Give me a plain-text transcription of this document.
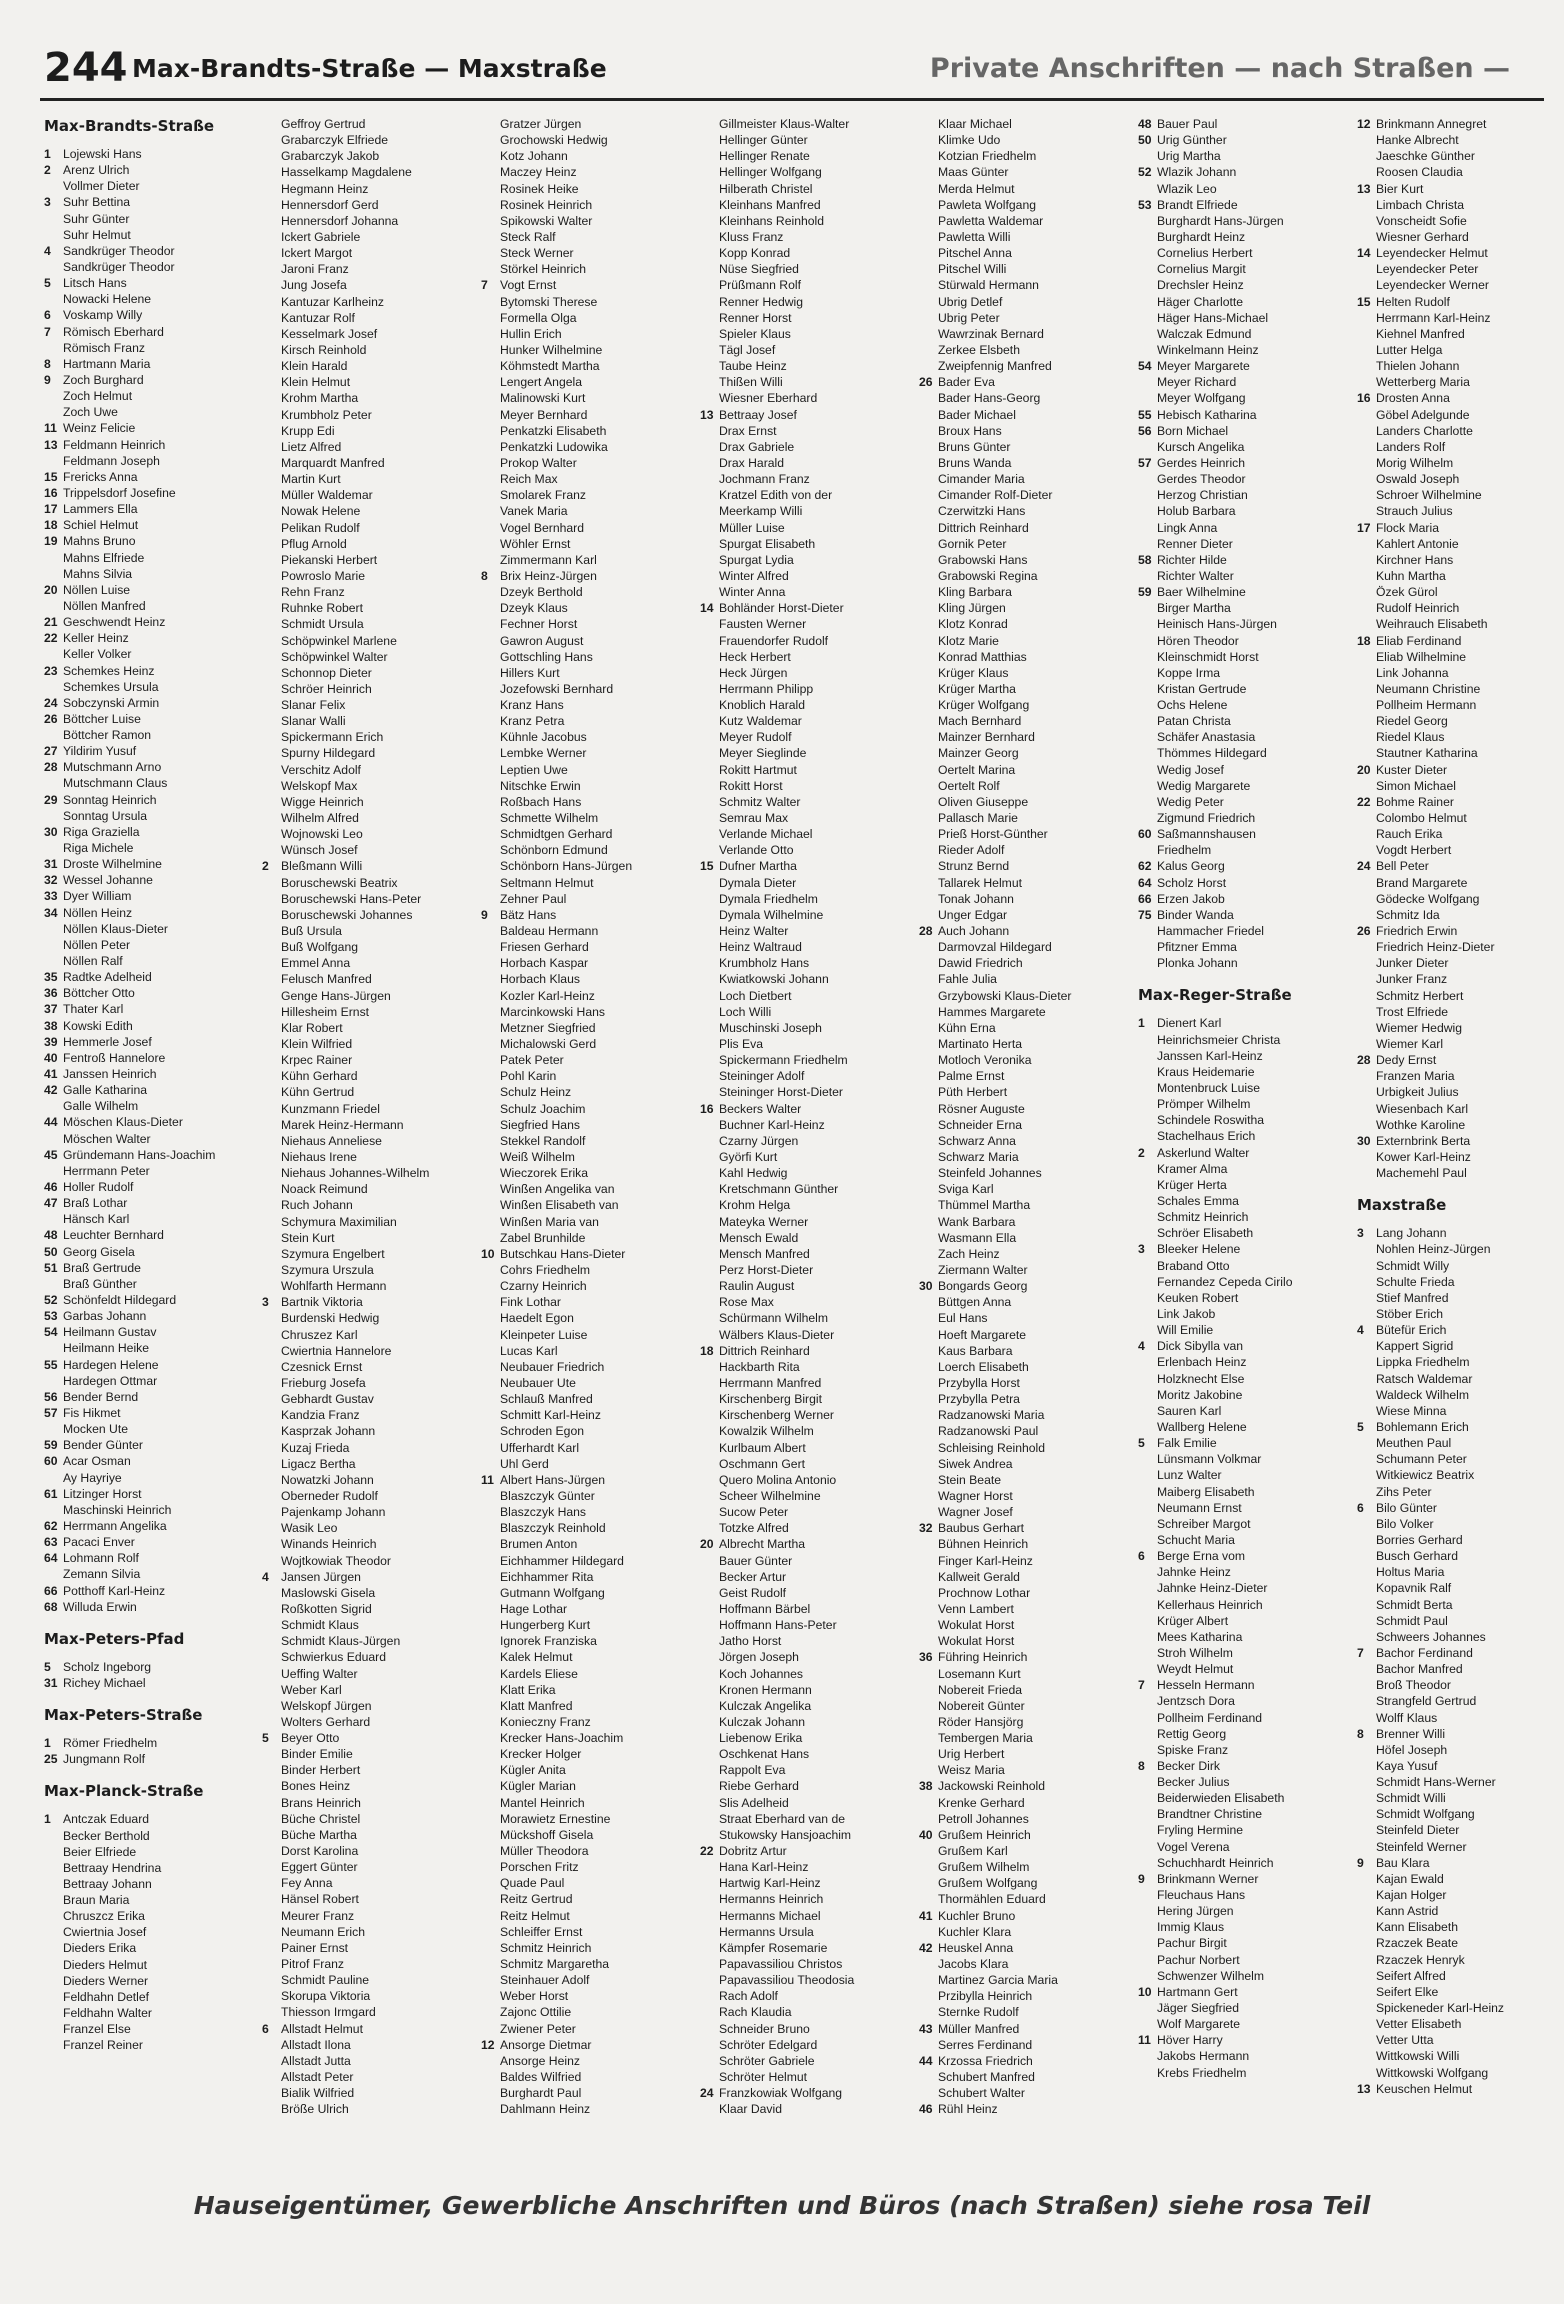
244 Max-Brandts-Straße — Maxstraße	Private Anschriften — nach Straßen —
Max-Brandts-Straße
1 Lojewski Hans
2 Arenz Ulrich
Vollmer Dieter
3 Suhr Bettina
Suhr Günter
Suhr Helmut
4 Sandkrüger Theodor
Sandkrüger Theodor
5 Litsch Hans
Nowacki Helene
6 Voskamp Willy
7 Römisch Eberhard
Römisch Franz
8 Hartmann Maria
9 Zoch Burghard
Zoch Helmut
Zoch Uwe
11 Weinz Felicie
13 Feldmann Heinrich
Feldmann Joseph
15 Frericks Anna
16 Trippelsdorf Josefine
17 Lammers Ella
18 Schiel Helmut
19 Mahns Bruno
Mahns Elfriede
Mahns Silvia
20 Nöllen Luise
Nöllen Manfred
21 Geschwendt Heinz
22 Keller Heinz
Keller Volker
23 Schemkes Heinz
Schemkes Ursula
24 Sobczynski Armin
26 Böttcher Luise
Böttcher Ramon
27 Yildirim Yusuf
28 Mutschmann Arno
Mutschmann Claus
29 Sonntag Heinrich
Sonntag Ursula
30 Riga Graziella
Riga Michele
31 Droste Wilhelmine
32 Wessel Johanne
33 Dyer William
34 Nöllen Heinz
Nöllen Klaus-Dieter
Nöllen Peter
Nöllen Ralf
35 Radtke Adelheid
36 Böttcher Otto
37 Thater Karl
38 Kowski Edith
39 Hemmerle Josef
40 Fentroß Hannelore
41 Janssen Heinrich
42 Galle Katharina
Galle Wilhelm
44 Möschen Klaus-Dieter
Möschen Walter
45 Gründemann Hans-Joachim
Herrmann Peter
46 Holler Rudolf
47 Braß Lothar
Hänsch Karl
48 Leuchter Bernhard
50 Georg Gisela
51 Braß Gertrude
Braß Günther
52 Schönfeldt Hildegard
53 Garbas Johann
54 Heilmann Gustav
Heilmann Heike
55 Hardegen Helene
Hardegen Ottmar
56 Bender Bernd
57 Fis Hikmet
Mocken Ute
59 Bender Günter
60 Acar Osman
Ay Hayriye
61 Litzinger Horst
Maschinski Heinrich
62 Herrmann Angelika
63 Pacaci Enver
64 Lohmann Rolf
Zemann Silvia
66 Potthoff Karl-Heinz
68 Willuda Erwin
Max-Peters-Pfad
5 Scholz Ingeborg
31 Richey Michael
Max-Peters-Straße
1 Römer Friedhelm
25 Jungmann Rolf
Max-Planck-Straße
1 Antczak Eduard
Becker Berthold
Beier Elfriede
Bettraay Hendrina
Bettraay Johann
Braun Maria
Chruszcz Erika
Cwiertnia Josef
Dieders Erika
Dieders Helmut
Dieders Werner
Feldhahn Detlef
Feldhahn Walter
Franzel Else
Franzel Reiner
Geffroy Gertrud
Grabarczyk Elfriede
Grabarczyk Jakob
Hasselkamp Magdalene
Hegmann Heinz
Hennersdorf Gerd
Hennersdorf Johanna
Ickert Gabriele
Ickert Margot
Jaroni Franz
Jung Josefa
Kantuzar Karlheinz
Kantuzar Rolf
Kesselmark Josef
Kirsch Reinhold
Klein Harald
Klein Helmut
Krohm Martha
Krumbholz Peter
Krupp Edi
Lietz Alfred
Marquardt Manfred
Martin Kurt
Müller Waldemar
Nowak Helene
Pelikan Rudolf
Pflug Arnold
Piekanski Herbert
Powroslo Marie
Rehn Franz
Ruhnke Robert
Schmidt Ursula
Schöpwinkel Marlene
Schöpwinkel Walter
Schonnop Dieter
Schröer Heinrich
Slanar Felix
Slanar Walli
Spickermann Erich
Spurny Hildegard
Verschitz Adolf
Welskopf Max
Wigge Heinrich
Wilhelm Alfred
Wojnowski Leo
Wünsch Josef
2 Bleßmann Willi
Boruschewski Beatrix
Boruschewski Hans-Peter
Boruschewski Johannes
Buß Ursula
Buß Wolfgang
Emmel Anna
Felusch Manfred
Genge Hans-Jürgen
Hillesheim Ernst
Klar Robert
Klein Wilfried
Krpec Rainer
Kühn Gerhard
Kühn Gertrud
Kunzmann Friedel
Marek Heinz-Hermann
Niehaus Anneliese
Niehaus Irene
Niehaus Johannes-Wilhelm
Noack Reimund
Ruch Johann
Schymura Maximilian
Stein Kurt
Szymura Engelbert
Szymura Urszula
Wohlfarth Hermann
3 Bartnik Viktoria
Burdenski Hedwig
Chruszez Karl
Cwiertnia Hannelore
Czesnick Ernst
Frieburg Josefa
Gebhardt Gustav
Kandzia Franz
Kasprzak Johann
Kuzaj Frieda
Ligacz Bertha
Nowatzki Johann
Oberneder Rudolf
Pajenkamp Johann
Wasik Leo
Winands Heinrich
Wojtkowiak Theodor
4 Jansen Jürgen
Maslowski Gisela
Roßkotten Sigrid
Schmidt Klaus
Schmidt Klaus-Jürgen
Schwierkus Eduard
Ueffing Walter
Weber Karl
Welskopf Jürgen
Wolters Gerhard
5 Beyer Otto
Binder Emilie
Binder Herbert
Bones Heinz
Brans Heinrich
Büche Christel
Büche Martha
Dorst Karolina
Eggert Günter
Fey Anna
Hänsel Robert
Meurer Franz
Neumann Erich
Painer Ernst
Pitrof Franz
Schmidt Pauline
Skorupa Viktoria
Thiesson Irmgard
6 Allstadt Helmut
Allstadt Ilona
Allstadt Jutta
Allstadt Peter
Bialik Wilfried
Bröße Ulrich
Gratzer Jürgen
Grochowski Hedwig
Kotz Johann
Maczey Heinz
Rosinek Heike
Rosinek Heinrich
Spikowski Walter
Steck Ralf
Steck Werner
Störkel Heinrich
7 Vogt Ernst
Bytomski Therese
Formella Olga
Hullin Erich
Hunker Wilhelmine
Köhmstedt Martha
Lengert Angela
Malinowski Kurt
Meyer Bernhard
Penkatzki Elisabeth
Penkatzki Ludowika
Prokop Walter
Reich Max
Smolarek Franz
Vanek Maria
Vogel Bernhard
Wöhler Ernst
Zimmermann Karl
8 Brix Heinz-Jürgen
Dzeyk Berthold
Dzeyk Klaus
Fechner Horst
Gawron August
Gottschling Hans
Hillers Kurt
Jozefowski Bernhard
Kranz Hans
Kranz Petra
Kühnle Jacobus
Lembke Werner
Leptien Uwe
Nitschke Erwin
Roßbach Hans
Schmette Wilhelm
Schmidtgen Gerhard
Schönborn Edmund
Schönborn Hans-Jürgen
Seltmann Helmut
Zehner Paul
9 Bätz Hans
Baldeau Hermann
Friesen Gerhard
Horbach Kaspar
Horbach Klaus
Kozler Karl-Heinz
Marcinkowski Hans
Metzner Siegfried
Michalowski Gerd
Patek Peter
Pohl Karin
Schulz Heinz
Schulz Joachim
Siegfried Hans
Stekkel Randolf
Weiß Wilhelm
Wieczorek Erika
Winßen Angelika van
Winßen Elisabeth van
Winßen Maria van
Zabel Brunhilde
10 Butschkau Hans-Dieter
Cohrs Friedhelm
Czarny Heinrich
Fink Lothar
Haedelt Egon
Kleinpeter Luise
Lucas Karl
Neubauer Friedrich
Neubauer Ute
Schlauß Manfred
Schmitt Karl-Heinz
Schroden Egon
Ufferhardt Karl
Uhl Gerd
11 Albert Hans-Jürgen
Blaszczyk Günter
Blaszczyk Hans
Blaszczyk Reinhold
Brumen Anton
Eichhammer Hildegard
Eichhammer Rita
Gutmann Wolfgang
Hage Lothar
Hungerberg Kurt
Ignorek Franziska
Kalek Helmut
Kardels Eliese
Klatt Erika
Klatt Manfred
Konieczny Franz
Krecker Hans-Joachim
Krecker Holger
Kügler Anita
Kügler Marian
Mantel Heinrich
Morawietz Ernestine
Mückshoff Gisela
Müller Theodora
Porschen Fritz
Quade Paul
Reitz Gertrud
Reitz Helmut
Schleiffer Ernst
Schmitz Heinrich
Schmitz Margaretha
Steinhauer Adolf
Weber Horst
Zajonc Ottilie
Zwiener Peter
12 Ansorge Dietmar
Ansorge Heinz
Baldes Wilfried
Burghardt Paul
Dahlmann Heinz
Gillmeister Klaus-Walter
Hellinger Günter
Hellinger Renate
Hellinger Wolfgang
Hilberath Christel
Kleinhans Manfred
Kleinhans Reinhold
Kluss Franz
Kopp Konrad
Nüse Siegfried
Prüßmann Rolf
Renner Hedwig
Renner Horst
Spieler Klaus
Tägl Josef
Taube Heinz
Thißen Willi
Wiesner Eberhard
13 Bettraay Josef
Drax Ernst
Drax Gabriele
Drax Harald
Jochmann Franz
Kratzel Edith von der
Meerkamp Willi
Müller Luise
Spurgat Elisabeth
Spurgat Lydia
Winter Alfred
Winter Anna
14 Bohländer Horst-Dieter
Fausten Werner
Frauendorfer Rudolf
Heck Herbert
Heck Jürgen
Herrmann Philipp
Knoblich Harald
Kutz Waldemar
Meyer Rudolf
Meyer Sieglinde
Rokitt Hartmut
Rokitt Horst
Schmitz Walter
Semrau Max
Verlande Michael
Verlande Otto
15 Dufner Martha
Dymala Dieter
Dymala Friedhelm
Dymala Wilhelmine
Heinz Walter
Heinz Waltraud
Krumbholz Hans
Kwiatkowski Johann
Loch Dietbert
Loch Willi
Muschinski Joseph
Plis Eva
Spickermann Friedhelm
Steininger Adolf
Steininger Horst-Dieter
16 Beckers Walter
Buchner Karl-Heinz
Czarny Jürgen
Györfi Kurt
Kahl Hedwig
Kretschmann Günther
Krohm Helga
Mateyka Werner
Mensch Ewald
Mensch Manfred
Perz Horst-Dieter
Raulin August
Rose Max
Schürmann Wilhelm
Wälbers Klaus-Dieter
18 Dittrich Reinhard
Hackbarth Rita
Herrmann Manfred
Kirschenberg Birgit
Kirschenberg Werner
Kowalzik Wilhelm
Kurlbaum Albert
Oschmann Gert
Quero Molina Antonio
Scheer Wilhelmine
Sucow Peter
Totzke Alfred
20 Albrecht Martha
Bauer Günter
Becker Artur
Geist Rudolf
Hoffmann Bärbel
Hoffmann Hans-Peter
Jatho Horst
Jörgen Joseph
Koch Johannes
Kronen Hermann
Kulczak Angelika
Kulczak Johann
Liebenow Erika
Oschkenat Hans
Rappolt Eva
Riebe Gerhard
Slis Adelheid
Straat Eberhard van de
Stukowsky Hansjoachim
22 Dobritz Artur
Hana Karl-Heinz
Hartwig Karl-Heinz
Hermanns Heinrich
Hermanns Michael
Hermanns Ursula
Kämpfer Rosemarie
Papavassiliou Christos
Papavassiliou Theodosia
Rach Adolf
Rach Klaudia
Schneider Bruno
Schröter Edelgard
Schröter Gabriele
Schröter Helmut
24 Franzkowiak Wolfgang
Klaar David
Klaar Michael
Klimke Udo
Kotzian Friedhelm
Maas Günter
Merda Helmut
Pawleta Wolfgang
Pawletta Waldemar
Pawletta Willi
Pitschel Anna
Pitschel Willi
Stürwald Hermann
Ubrig Detlef
Ubrig Peter
Wawrzinak Bernard
Zerkee Elsbeth
Zweipfennig Manfred
26 Bader Eva
Bader Hans-Georg
Bader Michael
Broux Hans
Bruns Günter
Bruns Wanda
Cimander Maria
Cimander Rolf-Dieter
Czerwitzki Hans
Dittrich Reinhard
Gornik Peter
Grabowski Hans
Grabowski Regina
Kling Barbara
Kling Jürgen
Klotz Konrad
Klotz Marie
Konrad Matthias
Krüger Klaus
Krüger Martha
Krüger Wolfgang
Mach Bernhard
Mainzer Bernhard
Mainzer Georg
Oertelt Marina
Oertelt Rolf
Oliven Giuseppe
Pallasch Marie
Prieß Horst-Günther
Rieder Adolf
Strunz Bernd
Tallarek Helmut
Tonak Johann
Unger Edgar
28 Auch Johann
Darmovzal Hildegard
Dawid Friedrich
Fahle Julia
Grzybowski Klaus-Dieter
Hammes Margarete
Kühn Erna
Martinato Herta
Motloch Veronika
Palme Ernst
Püth Herbert
Rösner Auguste
Schneider Erna
Schwarz Anna
Schwarz Maria
Steinfeld Johannes
Sviga Karl
Thümmel Martha
Wank Barbara
Wasmann Ella
Zach Heinz
Ziermann Walter
30 Bongards Georg
Büttgen Anna
Eul Hans
Hoeft Margarete
Kaus Barbara
Loerch Elisabeth
Przybylla Horst
Przybylla Petra
Radzanowski Maria
Radzanowski Paul
Schleising Reinhold
Siwek Andrea
Stein Beate
Wagner Horst
Wagner Josef
32 Baubus Gerhart
Bühnen Heinrich
Finger Karl-Heinz
Kallweit Gerald
Prochnow Lothar
Venn Lambert
Wokulat Horst
Wokulat Horst
36 Führing Heinrich
Losemann Kurt
Nobereit Frieda
Nobereit Günter
Röder Hansjörg
Tembergen Maria
Urig Herbert
Weisz Maria
38 Jackowski Reinhold
Krenke Gerhard
Petroll Johannes
40 Grußem Heinrich
Grußem Karl
Grußem Wilhelm
Grußem Wolfgang
Thormählen Eduard
41 Kuchler Bruno
Kuchler Klara
42 Heuskel Anna
Jacobs Klara
Martinez Garcia Maria
Przibylla Heinrich
Sternke Rudolf
43 Müller Manfred
Serres Ferdinand
44 Krzossa Friedrich
Schubert Manfred
Schubert Walter
46 Rühl Heinz
48 Bauer Paul
50 Urig Günther
Urig Martha
52 Wlazik Johann
Wlazik Leo
53 Brandt Elfriede
Burghardt Hans-Jürgen
Burghardt Heinz
Cornelius Herbert
Cornelius Margit
Drechsler Heinz
Häger Charlotte
Häger Hans-Michael
Walczak Edmund
Winkelmann Heinz
54 Meyer Margarete
Meyer Richard
Meyer Wolfgang
55 Hebisch Katharina
56 Born Michael
Kursch Angelika
57 Gerdes Heinrich
Gerdes Theodor
Herzog Christian
Holub Barbara
Lingk Anna
Renner Dieter
58 Richter Hilde
Richter Walter
59 Baer Wilhelmine
Birger Martha
Heinisch Hans-Jürgen
Hören Theodor
Kleinschmidt Horst
Koppe Irma
Kristan Gertrude
Ochs Helene
Patan Christa
Schäfer Anastasia
Thömmes Hildegard
Wedig Josef
Wedig Margarete
Wedig Peter
Zigmund Friedrich
60 Saßmannshausen
Friedhelm
62 Kalus Georg
64 Scholz Horst
66 Erzen Jakob
75 Binder Wanda
Hammacher Friedel
Pfitzner Emma
Plonka Johann
Max-Reger-Straße
1 Dienert Karl
Heinrichsmeier Christa
Janssen Karl-Heinz
Kraus Heidemarie
Montenbruck Luise
Prömper Wilhelm
Schindele Roswitha
Stachelhaus Erich
2 Askerlund Walter
Kramer Alma
Krüger Herta
Schales Emma
Schmitz Heinrich
Schröer Elisabeth
3 Bleeker Helene
Braband Otto
Fernandez Cepeda Cirilo
Keuken Robert
Link Jakob
Will Emilie
4 Dick Sibylla van
Erlenbach Heinz
Holzknecht Else
Moritz Jakobine
Sauren Karl
Wallberg Helene
5 Falk Emilie
Lünsmann Volkmar
Lunz Walter
Maiberg Elisabeth
Neumann Ernst
Schreiber Margot
Schucht Maria
6 Berge Erna vom
Jahnke Heinz
Jahnke Heinz-Dieter
Kellerhaus Heinrich
Krüger Albert
Mees Katharina
Stroh Wilhelm
Weydt Helmut
7 Hesseln Hermann
Jentzsch Dora
Pollheim Ferdinand
Rettig Georg
Spiske Franz
8 Becker Dirk
Becker Julius
Beiderwieden Elisabeth
Brandtner Christine
Fryling Hermine
Vogel Verena
Schuchhardt Heinrich
9 Brinkmann Werner
Fleuchaus Hans
Hering Jürgen
Immig Klaus
Pachur Birgit
Pachur Norbert
Schwenzer Wilhelm
10 Hartmann Gert
Jäger Siegfried
Wolf Margarete
11 Höver Harry
Jakobs Hermann
Krebs Friedhelm
12 Brinkmann Annegret
Hanke Albrecht
Jaeschke Günther
Roosen Claudia
13 Bier Kurt
Limbach Christa
Vonscheidt Sofie
Wiesner Gerhard
14 Leyendecker Helmut
Leyendecker Peter
Leyendecker Werner
15 Helten Rudolf
Herrmann Karl-Heinz
Kiehnel Manfred
Lutter Helga
Thielen Johann
Wetterberg Maria
16 Drosten Anna
Göbel Adelgunde
Landers Charlotte
Landers Rolf
Morig Wilhelm
Oswald Joseph
Schroer Wilhelmine
Strauch Julius
17 Flock Maria
Kahlert Antonie
Kirchner Hans
Kuhn Martha
Özek Gürol
Rudolf Heinrich
Weihrauch Elisabeth
18 Eliab Ferdinand
Eliab Wilhelmine
Link Johanna
Neumann Christine
Pollheim Hermann
Riedel Georg
Riedel Klaus
Stautner Katharina
20 Kuster Dieter
Simon Michael
22 Bohme Rainer
Colombo Helmut
Rauch Erika
Vogdt Herbert
24 Bell Peter
Brand Margarete
Gödecke Wolfgang
Schmitz Ida
26 Friedrich Erwin
Friedrich Heinz-Dieter
Junker Dieter
Junker Franz
Schmitz Herbert
Trost Elfriede
Wiemer Hedwig
Wiemer Karl
28 Dedy Ernst
Franzen Maria
Urbigkeit Julius
Wiesenbach Karl
Wothke Karoline
30 Externbrink Berta
Kower Karl-Heinz
Machemehl Paul
Maxstraße
3 Lang Johann
Nohlen Heinz-Jürgen
Schmidt Willy
Schulte Frieda
Stief Manfred
Stöber Erich
4 Bütefür Erich
Kappert Sigrid
Lippka Friedhelm
Ratsch Waldemar
Waldeck Wilhelm
Wiese Minna
5 Bohlemann Erich
Meuthen Paul
Schumann Peter
Witkiewicz Beatrix
Zihs Peter
6 Bilo Günter
Bilo Volker
Borries Gerhard
Busch Gerhard
Holtus Maria
Kopavnik Ralf
Schmidt Berta
Schmidt Paul
Schweers Johannes
7 Bachor Ferdinand
Bachor Manfred
Broß Theodor
Strangfeld Gertrud
Wolff Klaus
8 Brenner Willi
Höfel Joseph
Kaya Yusuf
Schmidt Hans-Werner
Schmidt Willi
Schmidt Wolfgang
Steinfeld Dieter
Steinfeld Werner
9 Bau Klara
Kajan Ewald
Kajan Holger
Kann Astrid
Kann Elisabeth
Rzaczek Beate
Rzaczek Henryk
Seifert Alfred
Seifert Elke
Spickeneder Karl-Heinz
Vetter Elisabeth
Vetter Utta
Wittkowski Willi
Wittkowski Wolfgang
13 Keuschen Helmut
Hauseigentümer, Gewerbliche Anschriften und Büros (nach Straßen) siehe rosa Teil
